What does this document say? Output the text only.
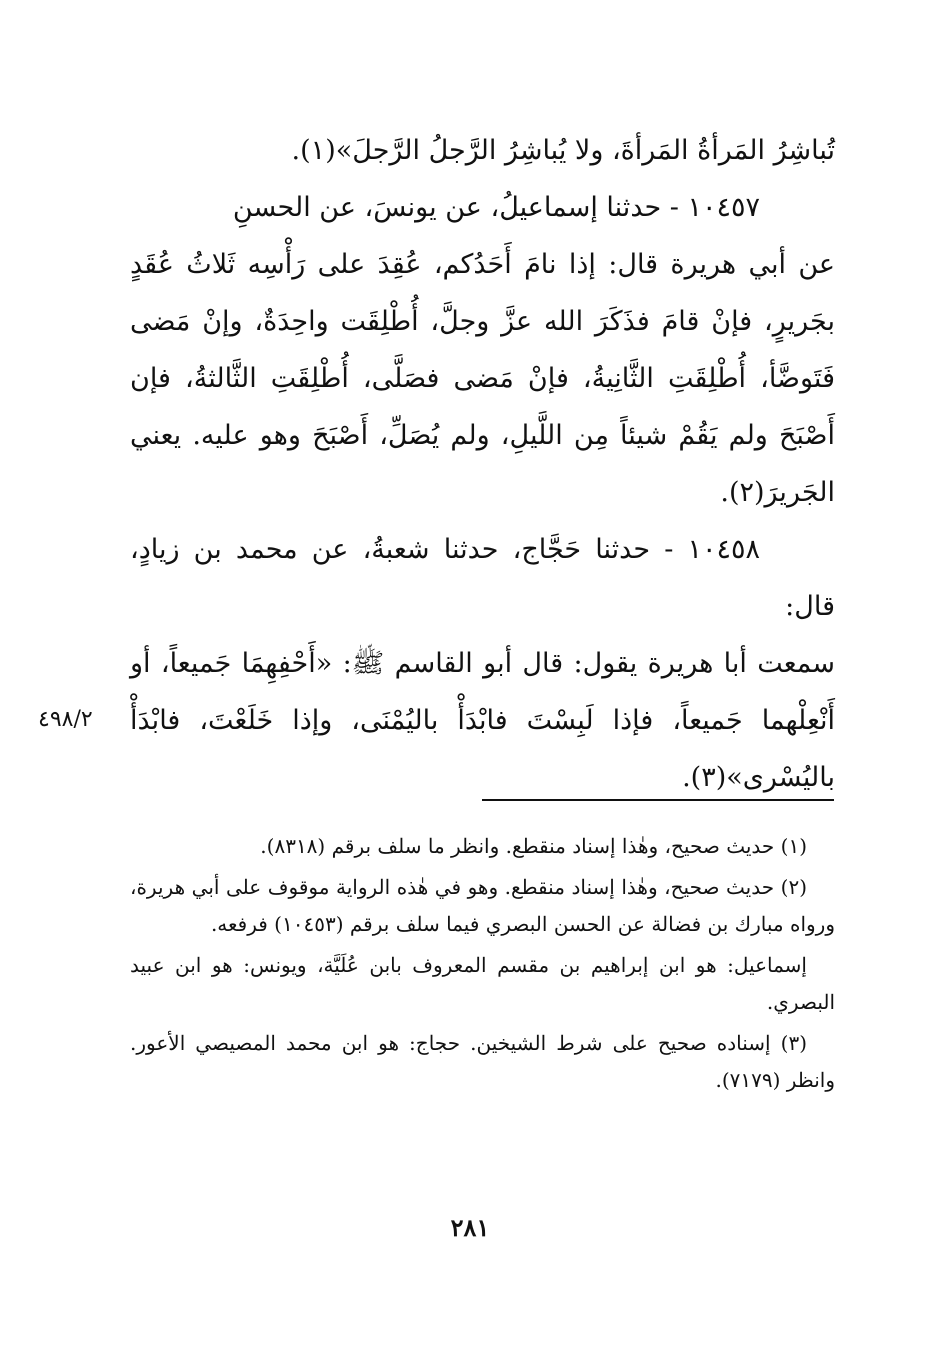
تُباشِرُ المَرأةُ المَرأةَ، ولا يُباشِرُ الرَّجلُ الرَّجلَ»(١).

١٠٤٥٧ - حدثنا إسماعيلُ، عن يونسَ، عن الحسنِ

عن أبي هريرة قال: إذا نامَ أَحَدُكم، عُقِدَ على رَأْسِه ثَلاثُ عُقَدٍ بجَريرٍ، فإنْ قامَ فذَكَرَ الله عزَّ وجلَّ، أُطْلِقَت واحِدَةٌ، وإنْ مَضى فَتَوضَّأ، أُطْلِقَتِ الثَّانِيةُ، فإنْ مَضى فصَلَّى، أُطْلِقَتِ الثَّالثةُ، فإن أَصْبَحَ ولم يَقُمْ شيئاً مِن اللَّيلِ، ولم يُصَلِّ، أَصْبَحَ وهو عليه. يعني الجَريرَ(٢).

١٠٤٥٨ - حدثنا حَجَّاج، حدثنا شعبةُ، عن محمد بن زيادٍ، قال:

سمعت أبا هريرة يقول: قال أبو القاسم ﷺ: «أَحْفِهِمَا جَميعاً، أو أَنْعِلْهما جَميعاً، فإذا لَبِسْتَ فابْدَأْ باليُمْنَى، وإذا خَلَعْتَ، فابْدَأْ باليُسْرى»(٣).

٤٩٨/٢

(١) حديث صحيح، وهٰذا إسناد منقطع. وانظر ما سلف برقم (٨٣١٨).

(٢) حديث صحيح، وهٰذا إسناد منقطع. وهو في هٰذه الرواية موقوف على أبي هريرة، ورواه مبارك بن فضالة عن الحسن البصري فيما سلف برقم (١٠٤٥٣) فرفعه.

إسماعيل: هو ابن إبراهيم بن مقسم المعروف بابن عُلَيَّة، ويونس: هو ابن عبيد البصري.

(٣) إسناده صحيح على شرط الشيخين. حجاج: هو ابن محمد المصيصي الأعور. وانظر (٧١٧٩).

٢٨١
